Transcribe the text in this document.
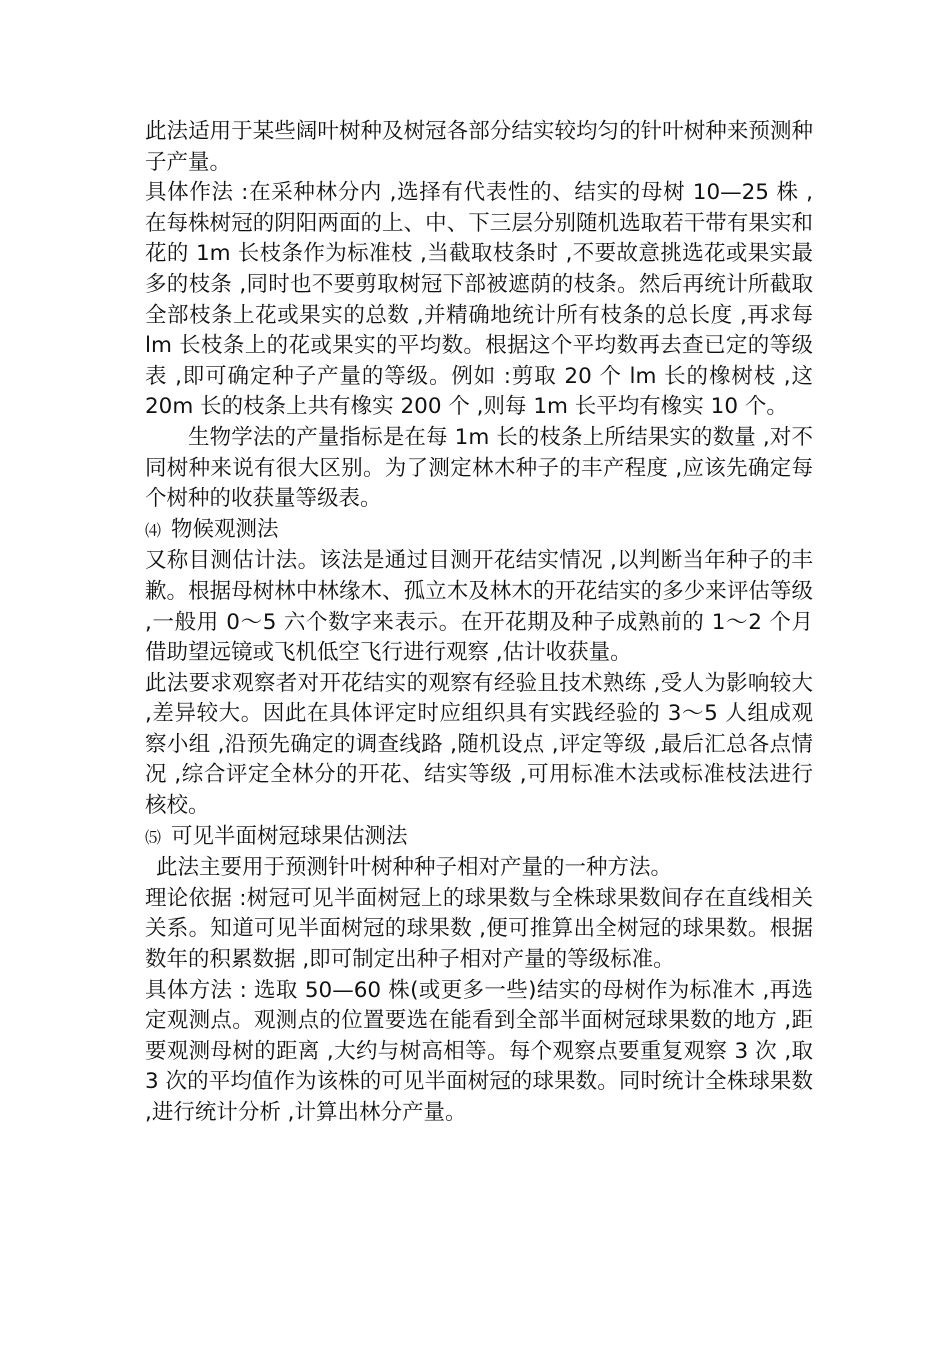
此法适用于某些阔叶树种及树冠各部分结实较均匀的针叶树种来预测种子产量。

具体作法 :在采种林分内 ,选择有代表性的、结实的母树 10—25 株 ,在每株树冠的阴阳两面的上、中、下三层分别随机选取若干带有果实和花的 1m 长枝条作为标准枝 ,当截取枝条时 ,不要故意挑选花或果实最多的枝条 ,同时也不要剪取树冠下部被遮荫的枝条。然后再统计所截取全部枝条上花或果实的总数 ,并精确地统计所有枝条的总长度 ,再求每 lm 长枝条上的花或果实的平均数。根据这个平均数再去查已定的等级表 ,即可确定种子产量的等级。例如 :剪取 20 个 lm 长的橡树枝 ,这 20m 长的枝条上共有橡实 200 个 ,则每 1m 长平均有橡实 10 个。

生物学法的产量指标是在每 1m 长的枝条上所结果实的数量 ,对不同树种来说有很大区别。为了测定林木种子的丰产程度 ,应该先确定每个树种的收获量等级表。

⑷ 物候观测法

又称目测估计法。该法是通过目测开花结实情况 ,以判断当年种子的丰歉。根据母树林中林缘木、孤立木及林木的开花结实的多少来评估等级 ,一般用 0～5 六个数字来表示。在开花期及种子成熟前的 1～2 个月借助望远镜或飞机低空飞行进行观察 ,估计收获量。

此法要求观察者对开花结实的观察有经验且技术熟练 ,受人为影响较大 ,差异较大。因此在具体评定时应组织具有实践经验的 3～5 人组成观察小组 ,沿预先确定的调查线路 ,随机设点 ,评定等级 ,最后汇总各点情况 ,综合评定全林分的开花、结实等级 ,可用标准木法或标准枝法进行核校。

⑸ 可见半面树冠球果估测法

此法主要用于预测针叶树种种子相对产量的一种方法。

理论依据 :树冠可见半面树冠上的球果数与全株球果数间存在直线相关关系。知道可见半面树冠的球果数 ,便可推算出全树冠的球果数。根据数年的积累数据 ,即可制定出种子相对产量的等级标准。

具体方法 : 选取 50—60 株(或更多一些)结实的母树作为标准木 ,再选定观测点。观测点的位置要选在能看到全部半面树冠球果数的地方 ,距要观测母树的距离 ,大约与树高相等。每个观察点要重复观察 3 次 ,取 3 次的平均值作为该株的可见半面树冠的球果数。同时统计全株球果数 ,进行统计分析 ,计算出林分产量。
